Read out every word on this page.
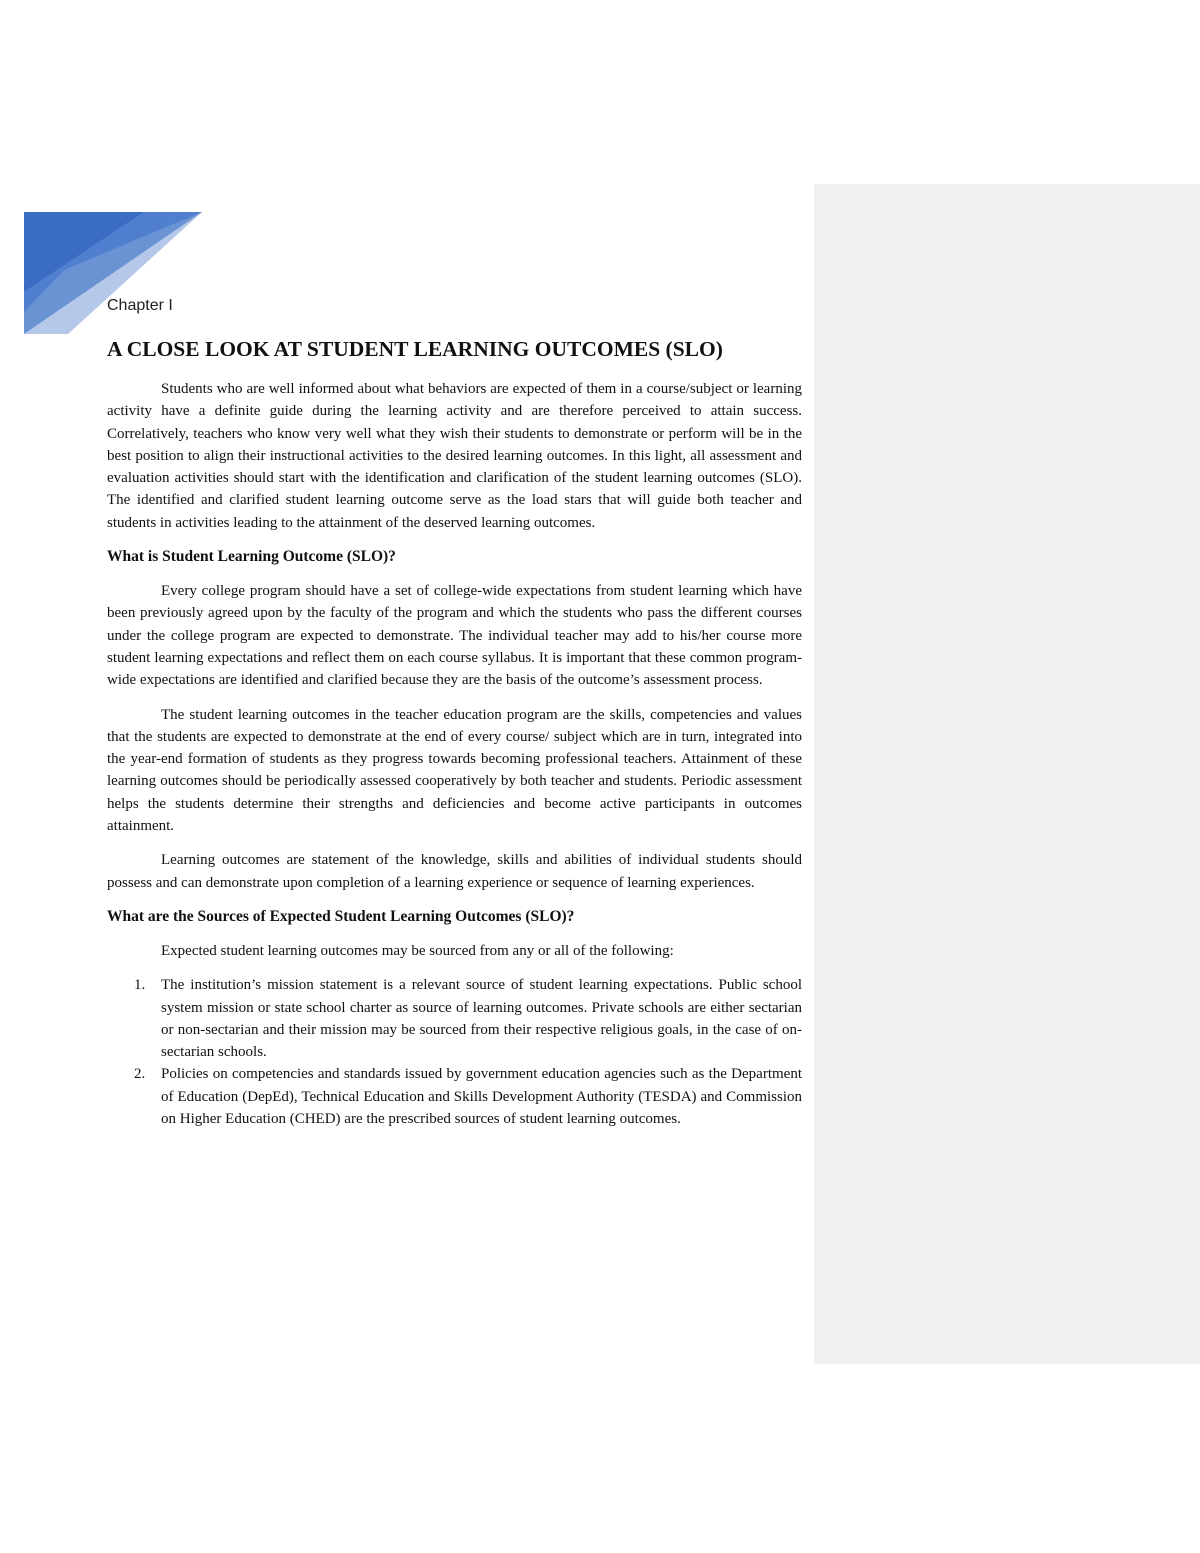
Chapter I
A CLOSE LOOK AT STUDENT LEARNING OUTCOMES (SLO)

Students who are well informed about what behaviors are expected of them in a course/subject or learning activity have a definite guide during the learning activity and are therefore perceived to attain success. Correlatively, teachers who know very well what they wish their students to demonstrate or perform will be in the best position to align their instructional activities to the desired learning outcomes. In this light, all assessment and evaluation activities should start with the identification and clarification of the student learning outcomes (SLO). The identified and clarified student learning outcome serve as the load stars that will guide both teacher and students in activities leading to the attainment of the deserved learning outcomes.

What is Student Learning Outcome (SLO)?

Every college program should have a set of college-wide expectations from student learning which have been previously agreed upon by the faculty of the program and which the students who pass the different courses under the college program are expected to demonstrate. The individual teacher may add to his/her course more student learning expectations and reflect them on each course syllabus. It is important that these common program-wide expectations are identified and clarified because they are the basis of the outcome’s assessment process.

The student learning outcomes in the teacher education program are the skills, competencies and values that the students are expected to demonstrate at the end of every course/ subject which are in turn, integrated into the year-end formation of students as they progress towards becoming professional teachers. Attainment of these learning outcomes should be periodically assessed cooperatively by both teacher and students. Periodic assessment helps the students determine their strengths and deficiencies and become active participants in outcomes attainment.

Learning outcomes are statement of the knowledge, skills and abilities of individual students should possess and can demonstrate upon completion of a learning experience or sequence of learning experiences.

What are the Sources of Expected Student Learning Outcomes (SLO)?

Expected student learning outcomes may be sourced from any or all of the following:

1. The institution’s mission statement is a relevant source of student learning expectations. Public school system mission or state school charter as source of learning outcomes. Private schools are either sectarian or non-sectarian and their mission may be sourced from their respective religious goals, in the case of on-sectarian schools.
2. Policies on competencies and standards issued by government education agencies such as the Department of Education (DepEd), Technical Education and Skills Development Authority (TESDA) and Commission on Higher Education (CHED) are the prescribed sources of student learning outcomes.
